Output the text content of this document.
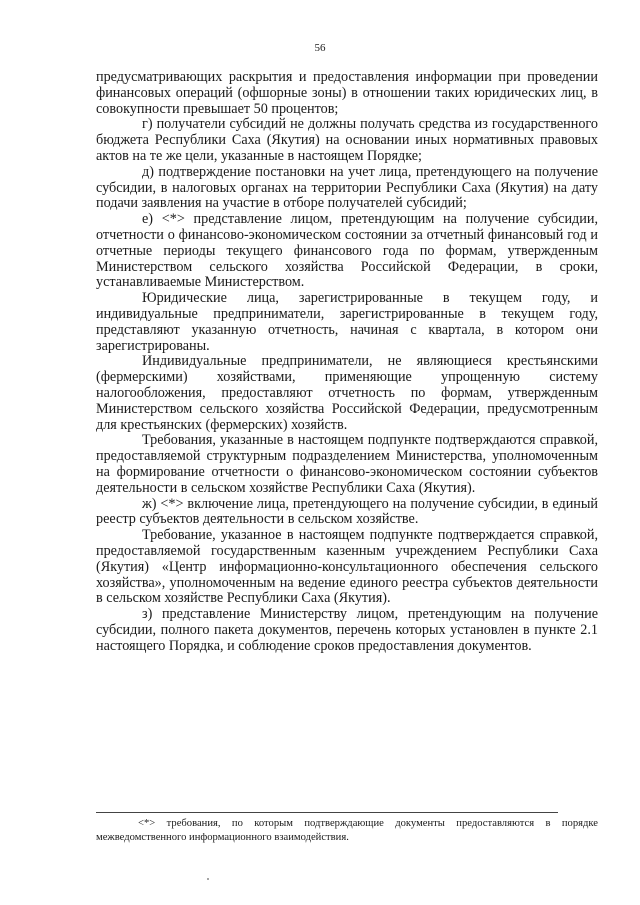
56

предусматривающих раскрытия и предоставления информации при проведении финансовых операций (офшорные зоны) в отношении таких юридических лиц, в совокупности превышает 50 процентов;

г) получатели субсидий не должны получать средства из государственного бюджета Республики Саха (Якутия) на основании иных нормативных правовых актов на те же цели, указанные в настоящем Порядке;

д) подтверждение постановки на учет лица, претендующего на получение субсидии, в налоговых органах на территории Республики Саха (Якутия) на дату подачи заявления на участие в отборе получателей субсидий;

е) <*> представление лицом, претендующим на получение субсидии, отчетности о финансово-экономическом состоянии за отчетный финансовый год и отчетные периоды текущего финансового года по формам, утвержденным Министерством сельского хозяйства Российской Федерации, в сроки, устанавливаемые Министерством.

Юридические лица, зарегистрированные в текущем году, и индивидуальные предприниматели, зарегистрированные в текущем году, представляют указанную отчетность, начиная с квартала, в котором они зарегистрированы.

Индивидуальные предприниматели, не являющиеся крестьянскими (фермерскими) хозяйствами, применяющие упрощенную систему налогообложения, предоставляют отчетность по формам, утвержденным Министерством сельского хозяйства Российской Федерации, предусмотренным для крестьянских (фермерских) хозяйств.

Требования, указанные в настоящем подпункте подтверждаются справкой, предоставляемой структурным подразделением Министерства, уполномоченным на формирование отчетности о финансово-экономическом состоянии субъектов деятельности в сельском хозяйстве Республики Саха (Якутия).

ж) <*> включение лица, претендующего на получение субсидии, в единый реестр субъектов деятельности в сельском хозяйстве.

Требование, указанное в настоящем подпункте подтверждается справкой, предоставляемой государственным казенным учреждением Республики Саха (Якутия) «Центр информационно-консультационного обеспечения сельского хозяйства», уполномоченным на ведение единого реестра субъектов деятельности в сельском хозяйстве Республики Саха (Якутия).

з) представление Министерству лицом, претендующим на получение субсидии, полного пакета документов, перечень которых установлен в пункте 2.1 настоящего Порядка, и соблюдение сроков предоставления документов.

<*> требования, по которым подтверждающие документы предоставляются в порядке межведомственного информационного взаимодействия.
